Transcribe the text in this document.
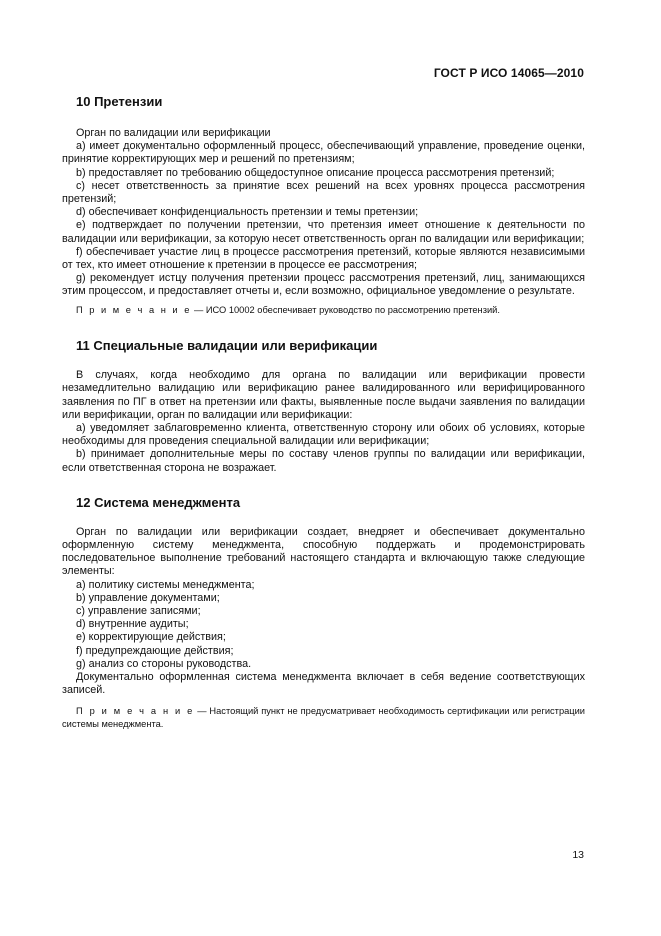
ГОСТ Р ИСО 14065—2010

10 Претензии

Орган по валидации или верификации

a) имеет документально оформленный процесс, обеспечивающий управление, проведение оценки, принятие корректирующих мер и решений по претензиям;

b) предоставляет по требованию общедоступное описание процесса рассмотрения претензий;

c) несет ответственность за принятие всех решений на всех уровнях процесса рассмотрения претензий;

d) обеспечивает конфиденциальность претензии и темы претензии;

e) подтверждает по получении претензии, что претензия имеет отношение к деятельности по валидации или верификации, за которую несет ответственность орган по валидации или верификации;

f) обеспечивает участие лиц в процессе рассмотрения претензий, которые являются независимыми от тех, кто имеет отношение к претензии в процессе ее рассмотрения;

g) рекомендует истцу получения претензии процесс рассмотрения претензий, лиц, занимающихся этим процессом, и предоставляет отчеты и, если возможно, официальное уведомление о результате.

П р и м е ч а н и е — ИСО 10002 обеспечивает руководство по рассмотрению претензий.

11 Специальные валидации или верификации

В случаях, когда необходимо для органа по валидации или верификации провести незамедлительно валидацию или верификацию ранее валидированного или верифицированного заявления по ПГ в ответ на претензии или факты, выявленные после выдачи заявления по валидации или верификации, орган по валидации или верификации:

a) уведомляет заблаговременно клиента, ответственную сторону или обоих об условиях, которые необходимы для проведения специальной валидации или верификации;

b) принимает дополнительные меры по составу членов группы по валидации или верификации, если ответственная сторона не возражает.

12 Система менеджмента

Орган по валидации или верификации создает, внедряет и обеспечивает документально оформленную систему менеджмента, способную поддержать и продемонстрировать последовательное выполнение требований настоящего стандарта и включающую также следующие элементы:

a) политику системы менеджмента;

b) управление документами;

c) управление записями;

d) внутренние аудиты;

e) корректирующие действия;

f) предупреждающие действия;

g) анализ со стороны руководства.

Документально оформленная система менеджмента включает в себя ведение соответствующих записей.

П р и м е ч а н и е — Настоящий пункт не предусматривает необходимость сертификации или регистрации системы менеджмента.

13
